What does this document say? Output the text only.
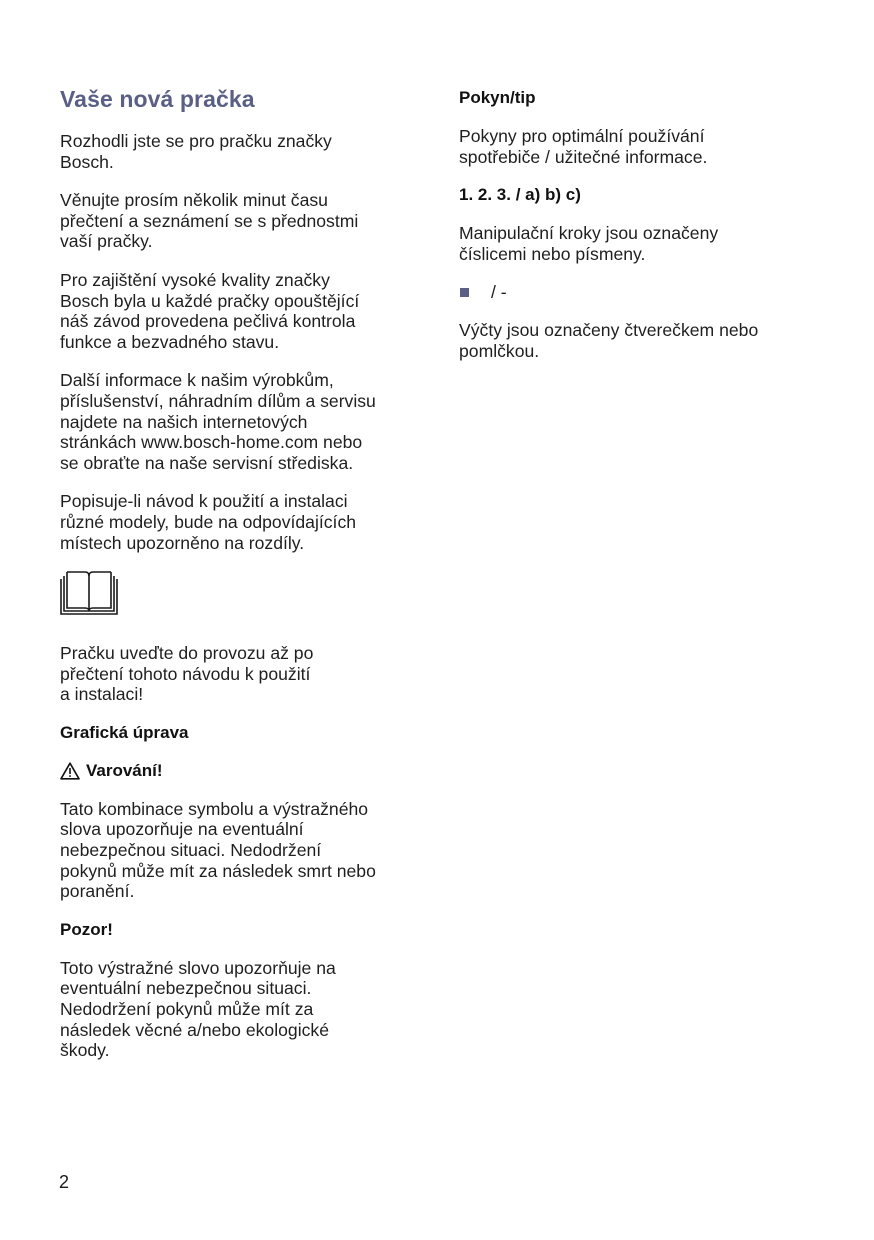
Vaše nová pračka

Rozhodli jste se pro pračku značky
Bosch.

Věnujte prosím několik minut času
přečtení a seznámení se s přednostmi
vaší pračky.

Pro zajištění vysoké kvality značky
Bosch byla u každé pračky opouštějící
náš závod provedena pečlivá kontrola
funkce a bezvadného stavu.

Další informace k našim výrobkům,
příslušenství, náhradním dílům a servisu
najdete na našich internetových
stránkách www.bosch-home.com nebo
se obraťte na naše servisní střediska.

Popisuje-li návod k použití a instalaci
různé modely, bude na odpovídajících
místech upozorněno na rozdíly.

Pračku uveďte do provozu až po
přečtení tohoto návodu k použití
a instalaci!

Grafická úprava
Varování!

Tato kombinace symbolu a výstražného
slova upozorňuje na eventuální
nebezpečnou situaci. Nedodržení
pokynů může mít za následek smrt nebo
poranění.

Pozor!

Toto výstražné slovo upozorňuje na
eventuální nebezpečnou situaci.
Nedodržení pokynů může mít za
následek věcné a/nebo ekologické
škody.

Pokyn/tip

Pokyny pro optimální používání
spotřebiče / užitečné informace.

1. 2. 3. / a) b) c)

Manipulační kroky jsou označeny
číslicemi nebo písmeny.

/ -

Výčty jsou označeny čtverečkem nebo
pomlčkou.

2
